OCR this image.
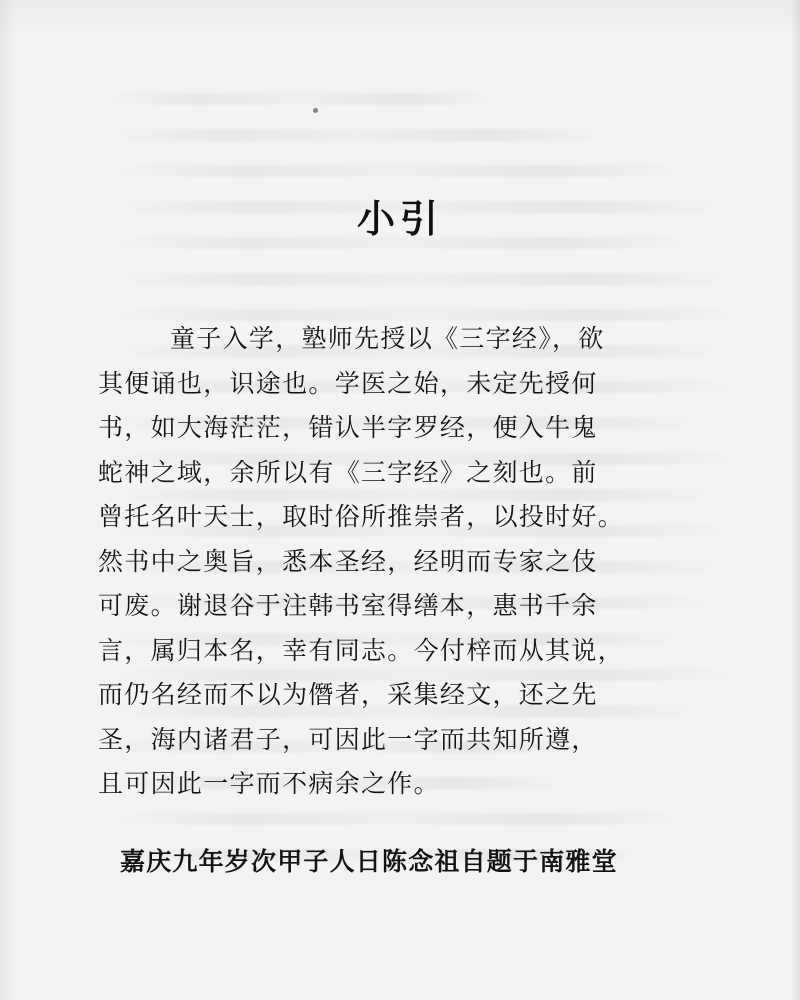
小引
童子入学，塾师先授以《三字经》，欲
其便诵也，识途也。学医之始，未定先授何
书，如大海茫茫，错认半字罗经，便入牛鬼
蛇神之域，余所以有《三字经》之刻也。前
曾托名叶天士，取时俗所推崇者，以投时好。
然书中之奥旨，悉本圣经，经明而专家之伎
可废。谢退谷于注韩书室得缮本，惠书千余
言，属归本名，幸有同志。今付梓而从其说，
而仍名经而不以为僭者，采集经文，还之先
圣，海内诸君子，可因此一字而共知所遵，
且可因此一字而不病余之作。
嘉庆九年岁次甲子人日陈念祖自题于南雅堂
